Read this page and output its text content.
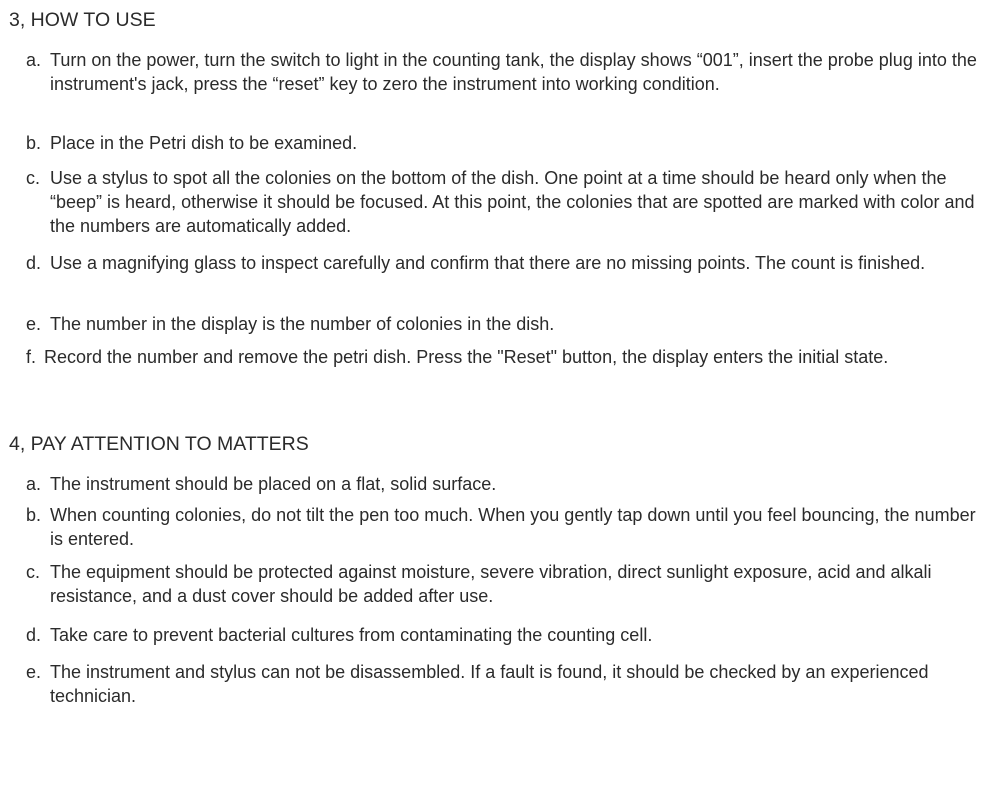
3, HOW TO USE
a. Turn on the power, turn the switch to light in the counting tank, the display shows “001”, insert the probe plug into the instrument's jack, press the “reset” key to zero the instrument into working condition.
b. Place in the Petri dish to be examined.
c. Use a stylus to spot all the colonies on the bottom of the dish. One point at a time should be heard only when the “beep” is heard, otherwise it should be focused. At this point, the colonies that are spotted are marked with color and the numbers are automatically added.
d. Use a magnifying glass to inspect carefully and confirm that there are no missing points. The count is finished.
e. The number in the display is the number of colonies in the dish.
f. Record the number and remove the petri dish. Press the "Reset" button, the display enters the initial state.
4, PAY ATTENTION TO MATTERS
a. The instrument should be placed on a flat, solid surface.
b. When counting colonies, do not tilt the pen too much. When you gently tap down until you feel bouncing, the number is entered.
c. The equipment should be protected against moisture, severe vibration, direct sunlight exposure, acid and alkali resistance, and a dust cover should be added after use.
d. Take care to prevent bacterial cultures from contaminating the counting cell.
e. The instrument and stylus can not be disassembled. If a fault is found, it should be checked by an experienced technician.
